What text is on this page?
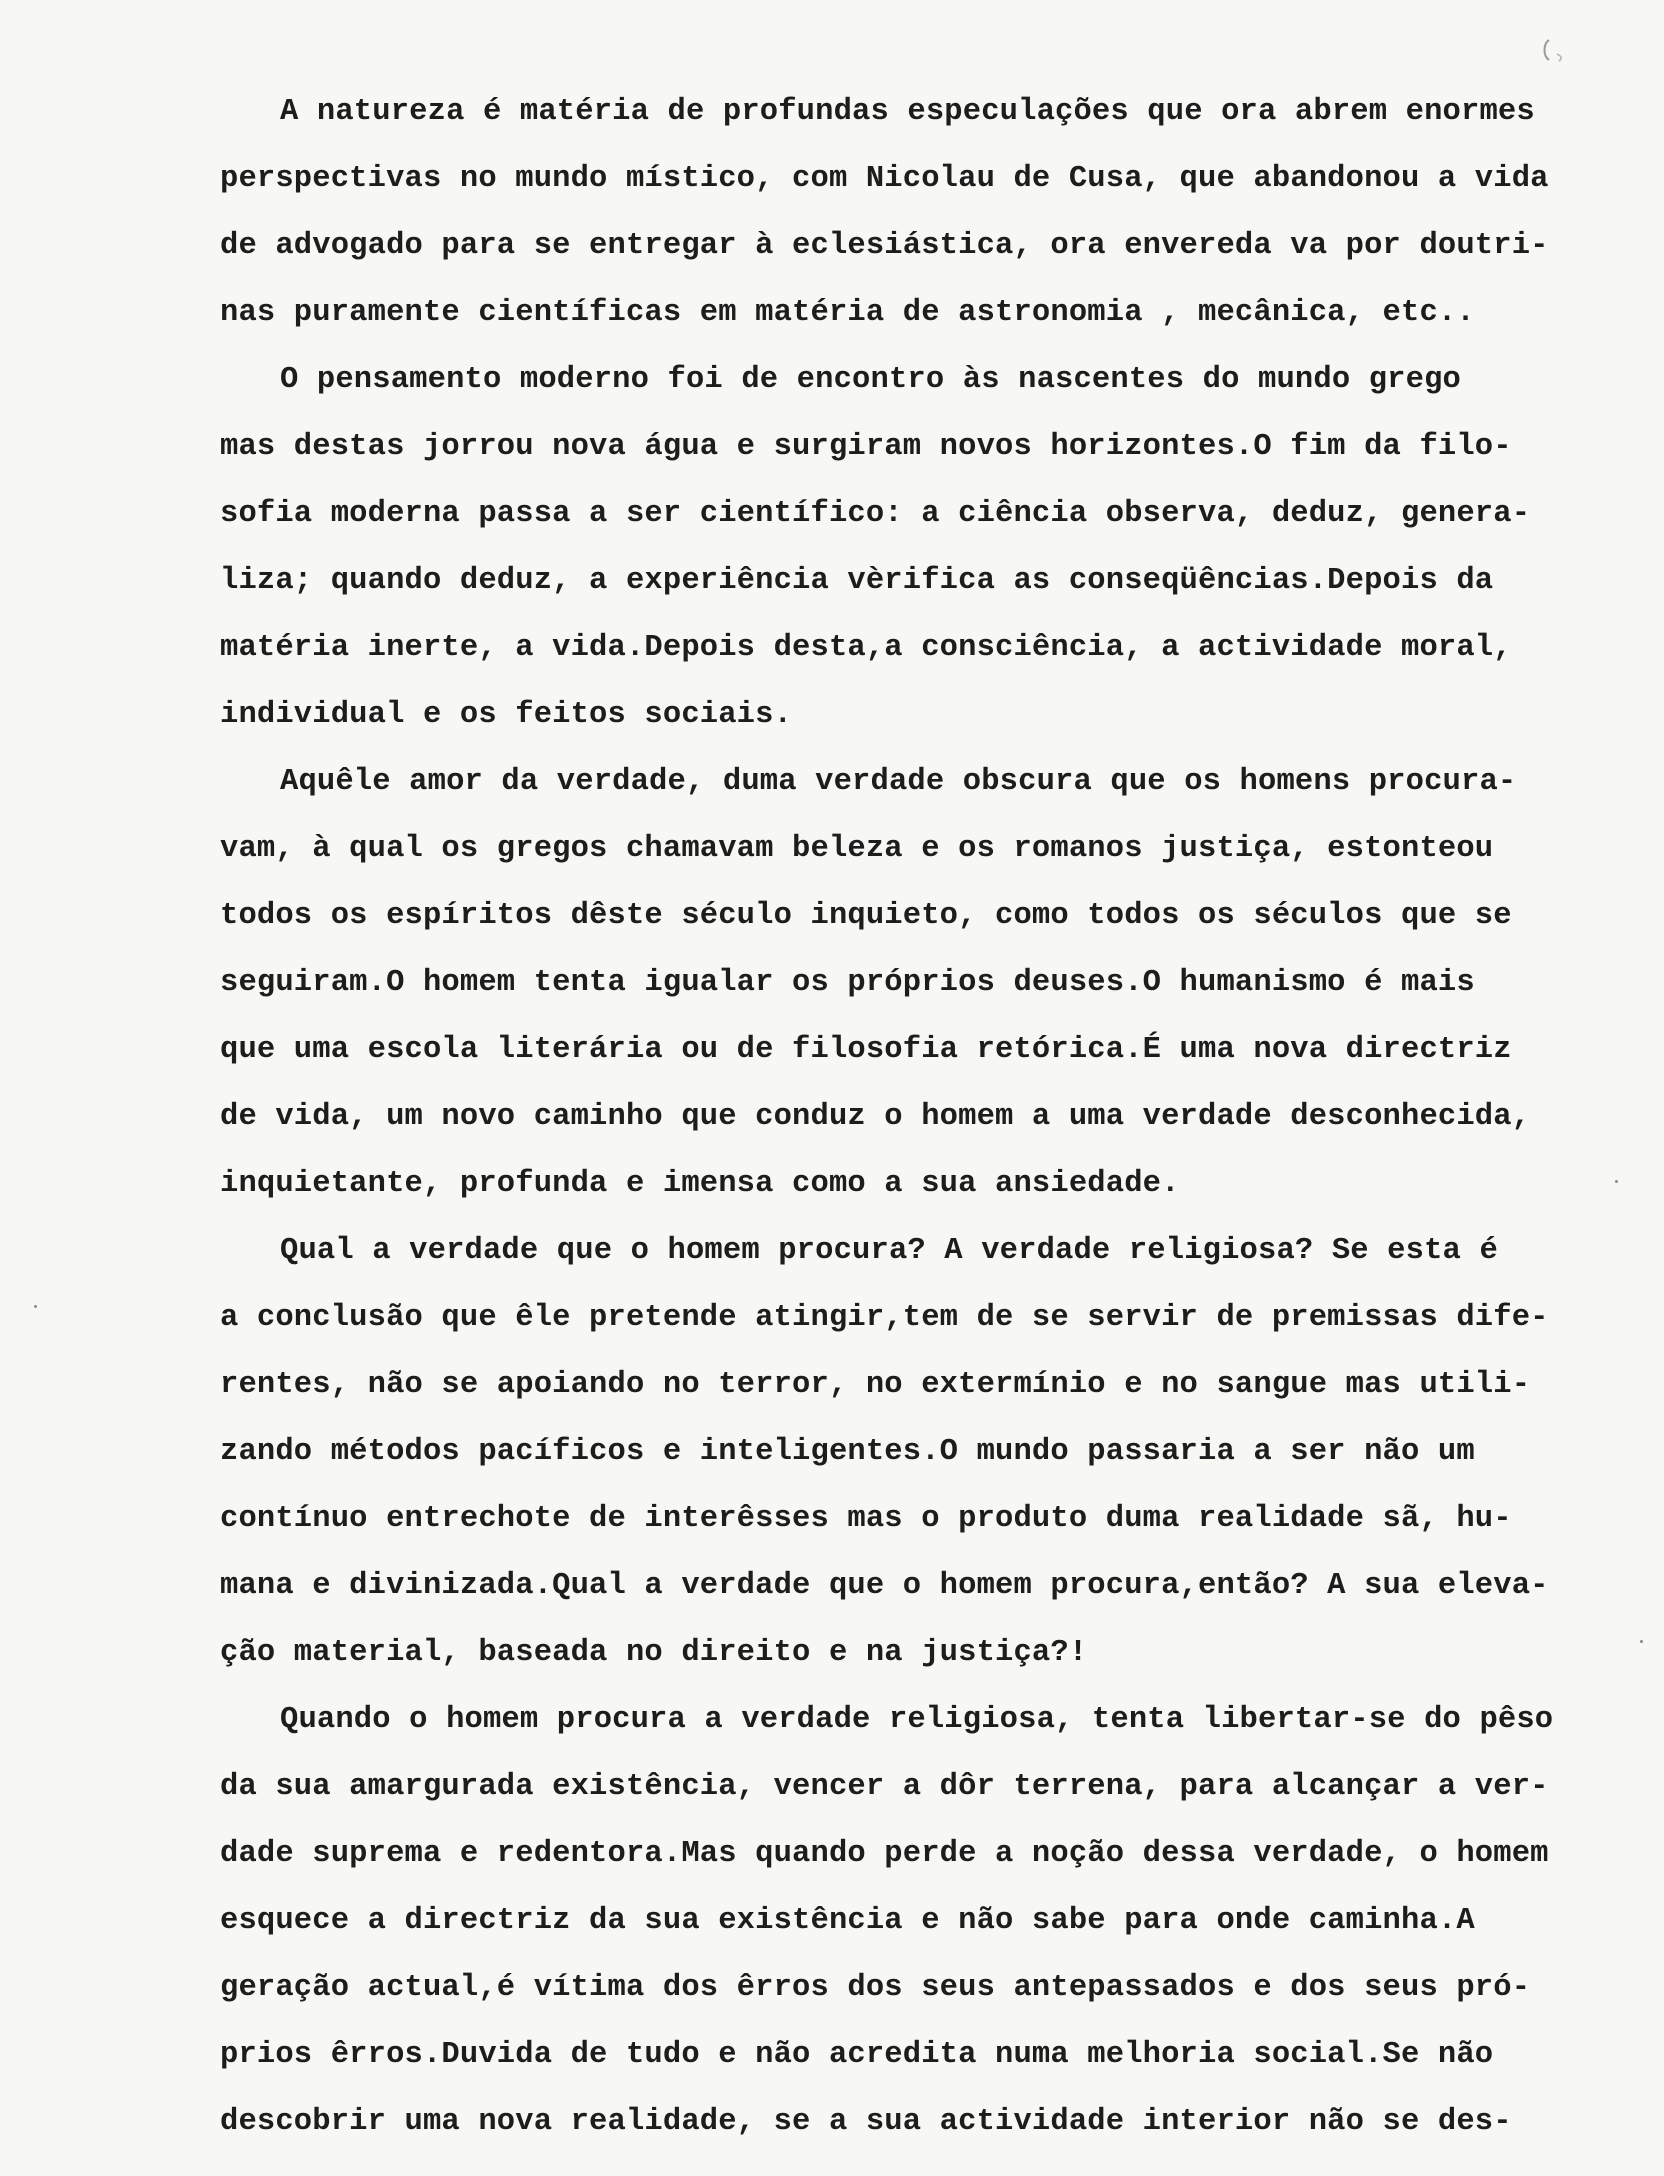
A natureza é matéria de profundas especulações que ora abrem enormes
perspectivas no mundo místico, com Nicolau de Cusa, que abandonou a vida
de advogado para se entregar à eclesiástica, ora envereda va por doutri-
nas puramente científicas em matéria de astronomia , mecânica, etc..
O pensamento moderno foi de encontro às nascentes do mundo grego
mas destas jorrou nova água e surgiram novos horizontes.O fim da filo-
sofia moderna passa a ser científico: a ciência observa, deduz, genera-
liza; quando deduz, a experiência vèrifica as conseqüências.Depois da
matéria inerte, a vida.Depois desta,a consciência, a actividade moral,
individual e os feitos sociais.
Aquêle amor da verdade, duma verdade obscura que os homens procura-
vam, à qual os gregos chamavam beleza e os romanos justiça, estonteou
todos os espíritos dêste século inquieto, como todos os séculos que se
seguiram.O homem tenta igualar os próprios deuses.O humanismo é mais
que uma escola literária ou de filosofia retórica.É uma nova directriz
de vida, um novo caminho que conduz o homem a uma verdade desconhecida,
inquietante, profunda e imensa como a sua ansiedade.
Qual a verdade que o homem procura? A verdade religiosa? Se esta é
a conclusão que êle pretende atingir,tem de se servir de premissas dife-
rentes, não se apoiando no terror, no extermínio e no sangue mas utili-
zando métodos pacíficos e inteligentes.O mundo passaria a ser não um
contínuo entrechote de interêsses mas o produto duma realidade sã, hu-
mana e divinizada.Qual a verdade que o homem procura,então? A sua eleva-
ção material, baseada no direito e na justiça?!
Quando o homem procura a verdade religiosa, tenta libertar-se do pêso
da sua amargurada existência, vencer a dôr terrena, para alcançar a ver-
dade suprema e redentora.Mas quando perde a noção dessa verdade, o homem
esquece a directriz da sua existência e não sabe para onde caminha.A
geração actual,é vítima dos êrros dos seus antepassados e dos seus pró-
prios êrros.Duvida de tudo e não acredita numa melhoria social.Se não
descobrir uma nova realidade, se a sua actividade interior não se des-
